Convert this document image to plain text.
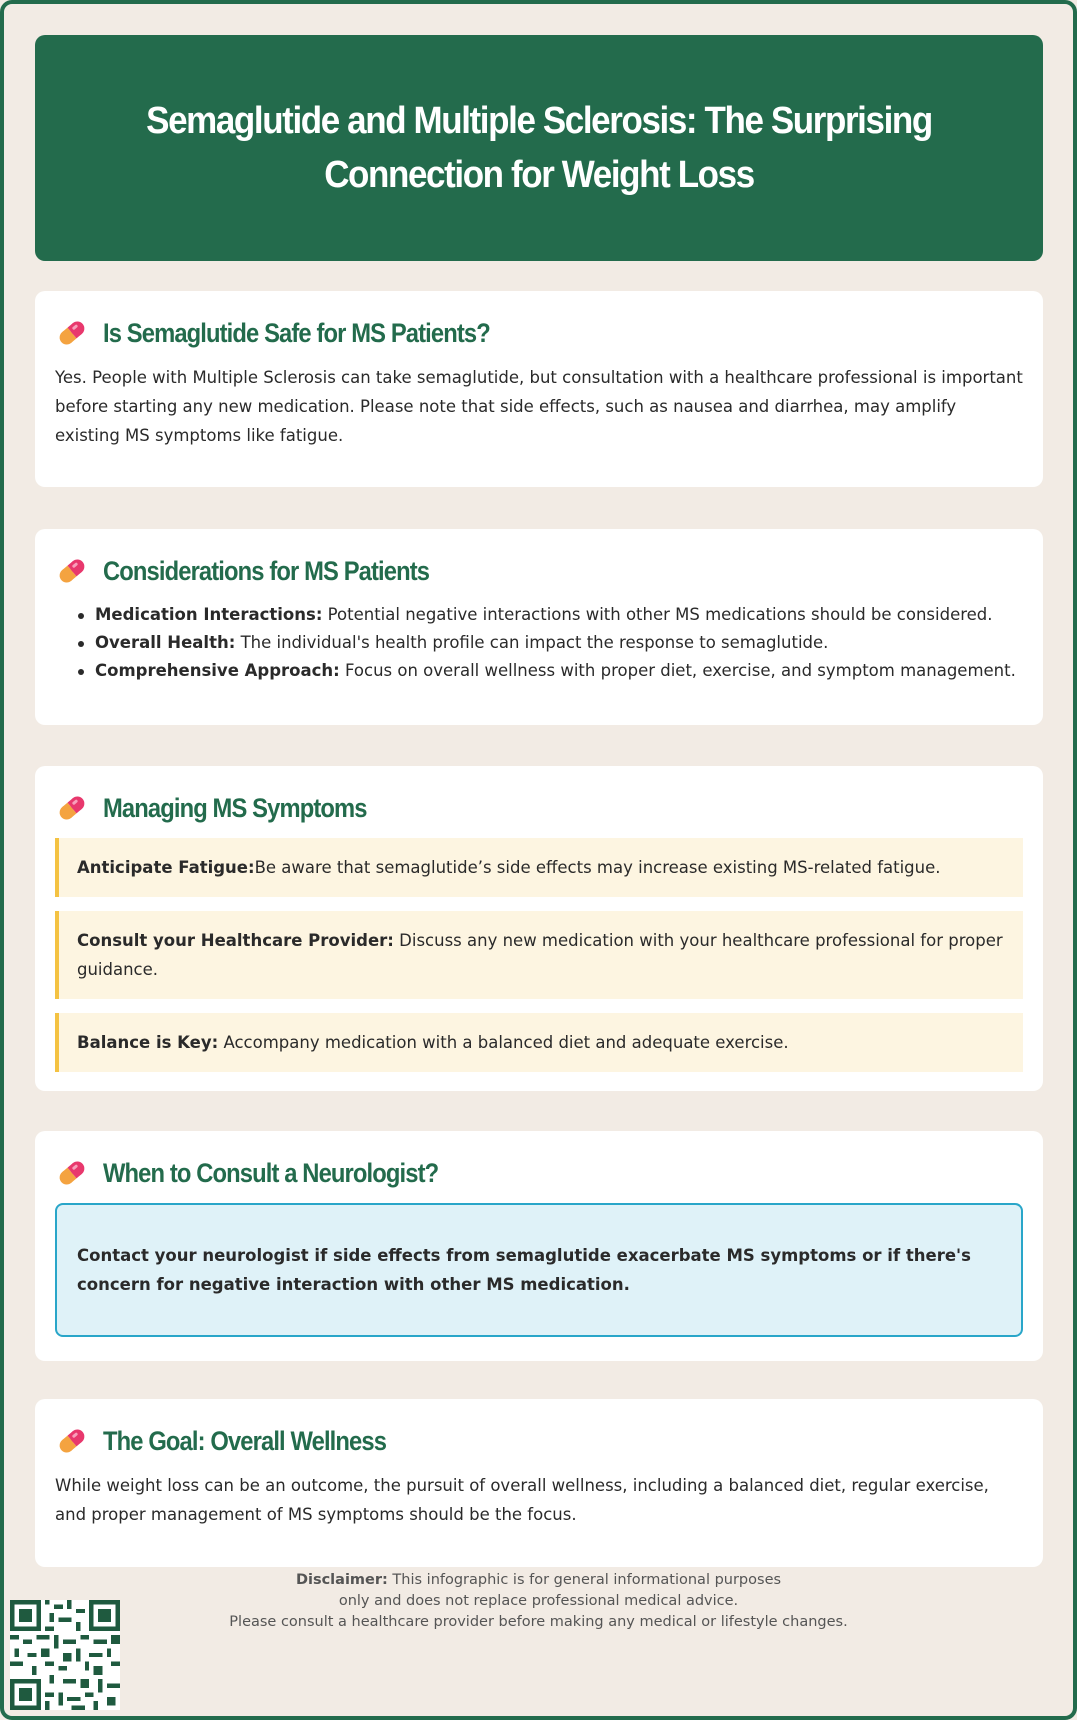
Semaglutide and Multiple Sclerosis: The Surprising Connection for Weight Loss
Is Semaglutide Safe for MS Patients?

Yes. People with Multiple Sclerosis can take semaglutide, but consultation with a healthcare professional is important before starting any new medication. Please note that side effects, such as nausea and diarrhea, may amplify existing MS symptoms like fatigue.

Considerations for MS Patients
Medication Interactions: Potential negative interactions with other MS medications should be considered.
Overall Health: The individual's health profile can impact the response to semaglutide.
Comprehensive Approach: Focus on overall wellness with proper diet, exercise, and symptom management.
Managing MS Symptoms
Anticipate Fatigue:Be aware that semaglutide’s side effects may increase existing MS-related fatigue.
Consult your Healthcare Provider: Discuss any new medication with your healthcare professional for proper guidance.
Balance is Key: Accompany medication with a balanced diet and adequate exercise.
When to Consult a Neurologist?
Contact your neurologist if side effects from semaglutide exacerbate MS symptoms or if there's concern for negative interaction with other MS medication.
The Goal: Overall Wellness

While weight loss can be an outcome, the pursuit of overall wellness, including a balanced diet, regular exercise, and proper management of MS symptoms should be the focus.

Disclaimer: This infographic is for general informational purposes
only and does not replace professional medical advice.
Please consult a healthcare provider before making any medical or lifestyle changes.
